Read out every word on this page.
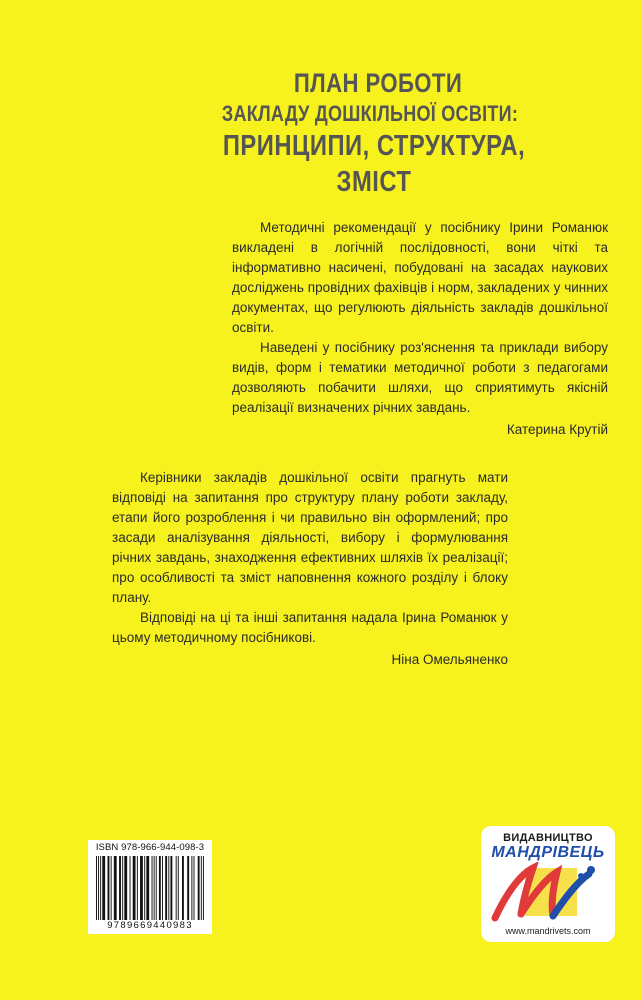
ПЛАН РОБОТИ
ЗАКЛАДУ ДОШКІЛЬНОЇ ОСВІТИ:
ПРИНЦИПИ, СТРУКТУРА, ЗМІСТ

Методичні рекомендації у посібнику Ірини Романюк викладені в логічній послідовності, вони чіткі та інформативно насичені, побудовані на засадах наукових досліджень провідних фахівців і норм, закладених у чинних документах, що регулюють діяльність закладів дошкільної освіти.

Наведені у посібнику роз'яснення та приклади вибору видів, форм і тематики методичної роботи з педагогами дозволяють побачити шляхи, що сприятимуть якісній реалізації визначених річних завдань.

Катерина Крутій

Керівники закладів дошкільної освіти прагнуть мати відповіді на запитання про структуру плану роботи закладу, етапи його розроблення і чи правильно він оформлений; про засади аналізування діяльності, вибору і формулювання річних завдань, знаходження ефективних шляхів їх реалізації; про особливості та зміст наповнення кожного розділу і блоку плану.

Відповіді на ці та інші запитання надала Ірина Романюк у цьому методичному посібникові.

Ніна Омельяненко
ISBN 978-966-944-098-3
9789669440983
ВИДАВНИЦТВО
МАНДРІВЕЦЬ
www.mandrivets.com
